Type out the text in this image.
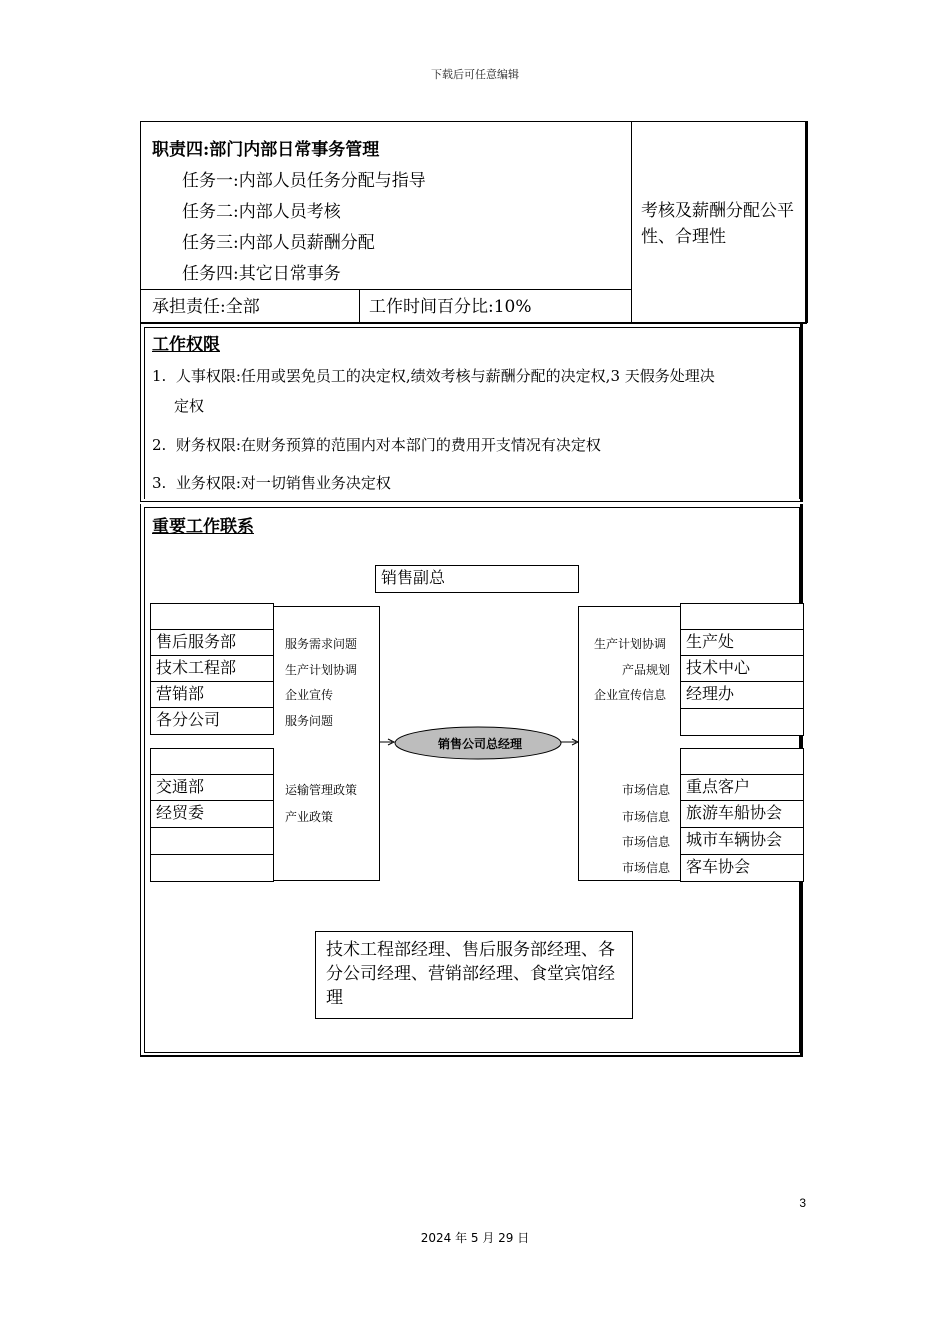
下载后可任意编辑
职责四:部门内部日常事务管理
任务一:内部人员任务分配与指导
任务二:内部人员考核
任务三:内部人员薪酬分配
任务四:其它日常事务
承担责任:全部	工作时间百分比:10%
考核及薪酬分配公平性、合理性
工作权限
1. 人事权限:任用或罢免员工的决定权,绩效考核与薪酬分配的决定权,3 天假务处理决
定权
2. 财务权限:在财务预算的范围内对本部门的费用开支情况有决定权
3. 业务权限:对一切销售业务决定权
重要工作联系
销售副总
售后服务部
技术工程部
营销部
各分公司
服务需求问题
生产计划协调
企业宣传
服务问题
交通部
经贸委
运输管理政策
产业政策
生产处
技术中心
经理办
生产计划协调
产品规划
企业宣传信息
重点客户
旅游车船协会
城市车辆协会
客车协会
市场信息
市场信息
市场信息
市场信息
销售公司总经理
技术工程部经理、售后服务部经理、各分公司经理、营销部经理、食堂宾馆经理
3
2024 年 5 月 29 日
